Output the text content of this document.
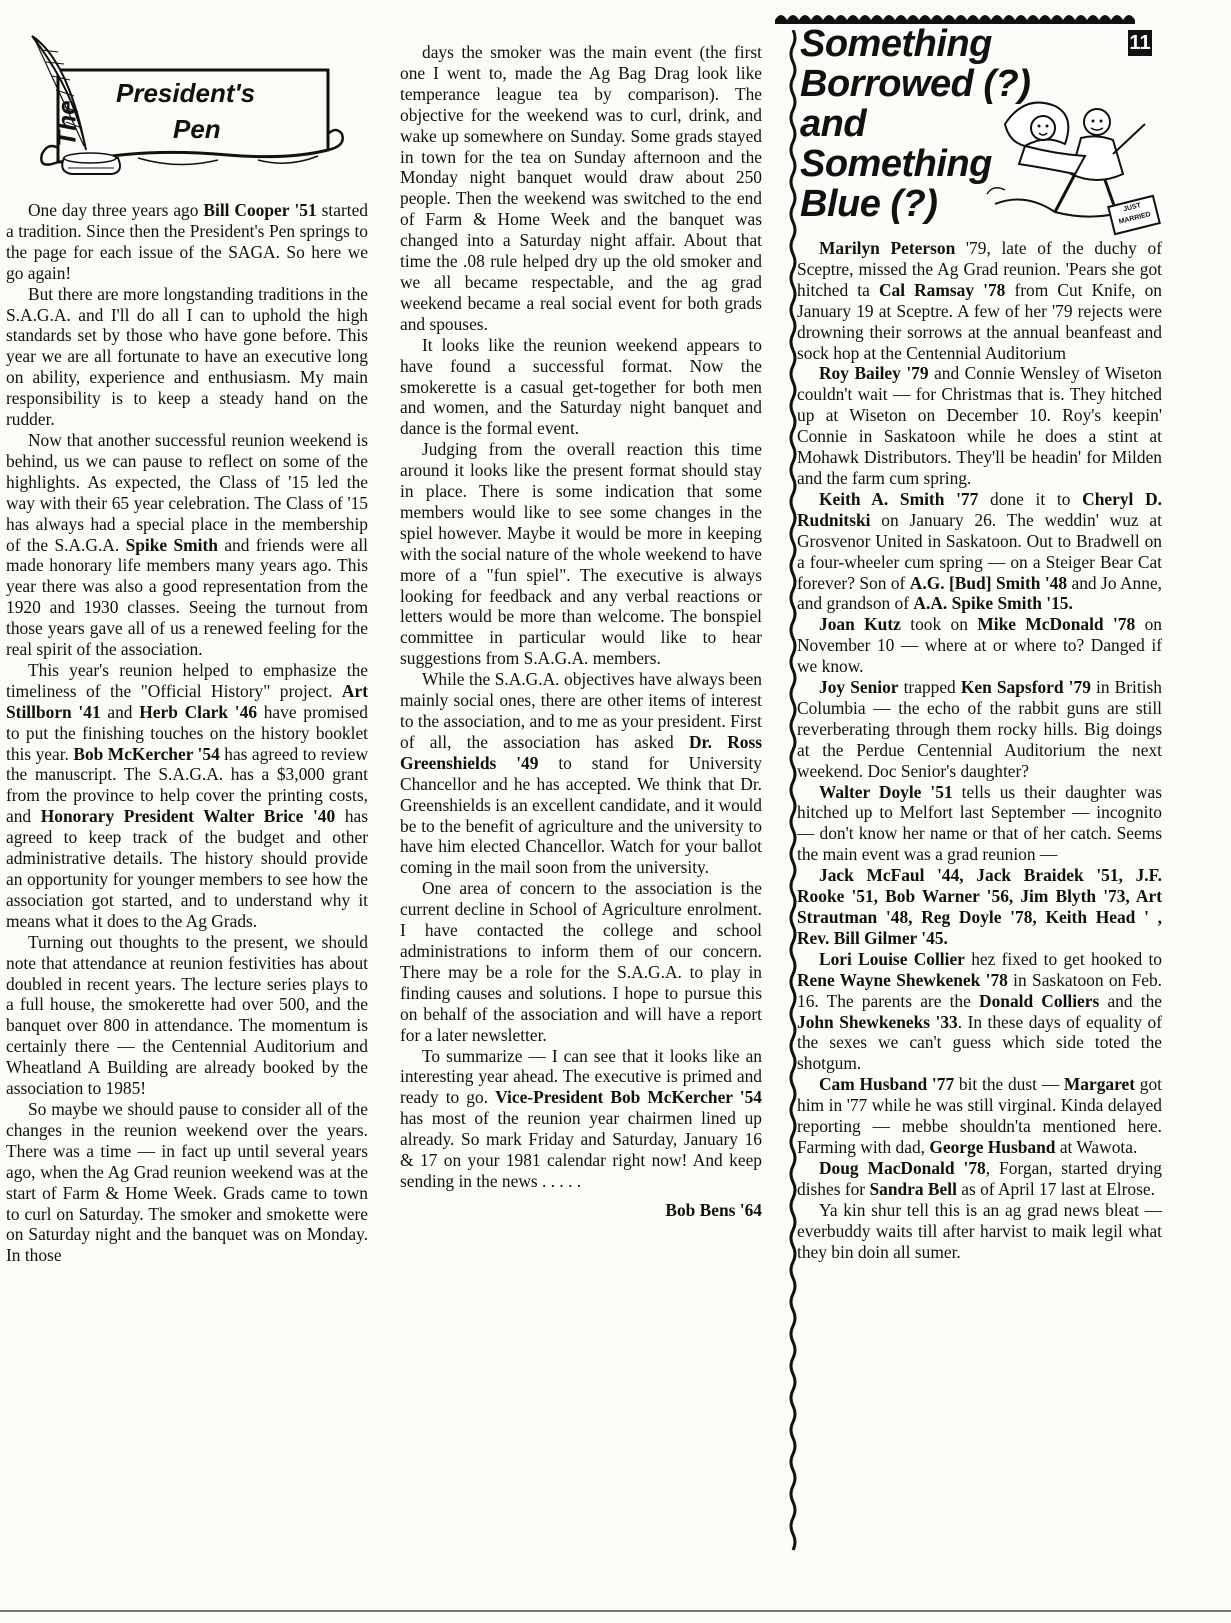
The
President's
Pen

One day three years ago Bill Cooper '51 started a tradition. Since then the President's Pen springs to the page for each issue of the SAGA. So here we go again!

But there are more longstanding traditions in the S.A.G.A. and I'll do all I can to uphold the high standards set by those who have gone before. This year we are all fortunate to have an executive long on ability, experience and enthusiasm. My main responsibility is to keep a steady hand on the rudder.

Now that another successful reunion weekend is behind, us we can pause to reflect on some of the highlights. As expected, the Class of '15 led the way with their 65 year celebration. The Class of '15 has always had a special place in the membership of the S.A.G.A. Spike Smith and friends were all made honorary life members many years ago. This year there was also a good representation from the 1920 and 1930 classes. Seeing the turnout from those years gave all of us a renewed feeling for the real spirit of the association.

This year's reunion helped to emphasize the timeliness of the "Official History" project. Art Stillborn '41 and Herb Clark '46 have promised to put the finishing touches on the history booklet this year. Bob McKercher '54 has agreed to review the manuscript. The S.A.G.A. has a $3,000 grant from the province to help cover the printing costs, and Honorary President Walter Brice '40 has agreed to keep track of the budget and other administrative details. The history should provide an opportunity for younger members to see how the association got started, and to understand why it means what it does to the Ag Grads.

Turning out thoughts to the present, we should note that attendance at reunion festivities has about doubled in recent years. The lecture series plays to a full house, the smokerette had over 500, and the banquet over 800 in attendance. The momentum is certainly there — the Centennial Auditorium and Wheatland A Building are already booked by the association to 1985!

So maybe we should pause to consider all of the changes in the reunion weekend over the years. There was a time — in fact up until several years ago, when the Ag Grad reunion weekend was at the start of Farm & Home Week. Grads came to town to curl on Saturday. The smoker and smokette were on Saturday night and the banquet was on Monday. In those

days the smoker was the main event (the first one I went to, made the Ag Bag Drag look like temperance league tea by comparison). The objective for the weekend was to curl, drink, and wake up somewhere on Sunday. Some grads stayed in town for the tea on Sunday afternoon and the Monday night banquet would draw about 250 people. Then the weekend was switched to the end of Farm & Home Week and the banquet was changed into a Saturday night affair. About that time the .08 rule helped dry up the old smoker and we all became respectable, and the ag grad weekend became a real social event for both grads and spouses.

It looks like the reunion weekend appears to have found a successful format. Now the smokerette is a casual get-together for both men and women, and the Saturday night banquet and dance is the formal event.

Judging from the overall reaction this time around it looks like the present format should stay in place. There is some indication that some members would like to see some changes in the spiel however. Maybe it would be more in keeping with the social nature of the whole weekend to have more of a "fun spiel". The executive is always looking for feedback and any verbal reactions or letters would be more than welcome. The bonspiel committee in particular would like to hear suggestions from S.A.G.A. members.

While the S.A.G.A. objectives have always been mainly social ones, there are other items of interest to the association, and to me as your president. First of all, the association has asked Dr. Ross Greenshields '49 to stand for University Chancellor and he has accepted. We think that Dr. Greenshields is an excellent candidate, and it would be to the benefit of agriculture and the university to have him elected Chancellor. Watch for your ballot coming in the mail soon from the university.

One area of concern to the association is the current decline in School of Agriculture enrolment. I have contacted the college and school administrations to inform them of our concern. There may be a role for the S.A.G.A. to play in finding causes and solutions. I hope to pursue this on behalf of the association and will have a report for a later newsletter.

To summarize — I can see that it looks like an interesting year ahead. The executive is primed and ready to go. Vice-President Bob McKercher '54 has most of the reunion year chairmen lined up already. So mark Friday and Saturday, January 16 & 17 on your 1981 calendar right now! And keep sending in the news . . . . .

Bob Bens '64
11
Something
Borrowed (?)
and
Something
Blue (?)	JUST MARRIED

Marilyn Peterson '79, late of the duchy of Sceptre, missed the Ag Grad reunion. 'Pears she got hitched ta Cal Ramsay '78 from Cut Knife, on January 19 at Sceptre. A few of her '79 rejects were drowning their sorrows at the annual beanfeast and sock hop at the Centennial Auditorium

Roy Bailey '79 and Connie Wensley of Wiseton couldn't wait — for Christmas that is. They hitched up at Wiseton on December 10. Roy's keepin' Connie in Saskatoon while he does a stint at Mohawk Distributors. They'll be headin' for Milden and the farm cum spring.

Keith A. Smith '77 done it to Cheryl D. Rudnitski on January 26. The weddin' wuz at Grosvenor United in Saskatoon. Out to Bradwell on a four-wheeler cum spring — on a Steiger Bear Cat forever? Son of A.G. [Bud] Smith '48 and Jo Anne, and grandson of A.A. Spike Smith '15.

Joan Kutz took on Mike McDonald '78 on November 10 — where at or where to? Danged if we know.

Joy Senior trapped Ken Sapsford '79 in British Columbia — the echo of the rabbit guns are still reverberating through them rocky hills. Big doings at the Perdue Centennial Auditorium the next weekend. Doc Senior's daughter?

Walter Doyle '51 tells us their daughter was hitched up to Melfort last September — incognito — don't know her name or that of her catch. Seems the main event was a grad reunion —

Jack McFaul '44, Jack Braidek '51, J.F. Rooke '51, Bob Warner '56, Jim Blyth '73, Art Strautman '48, Reg Doyle '78, Keith Head ' , Rev. Bill Gilmer '45.

Lori Louise Collier hez fixed to get hooked to Rene Wayne Shewkenek '78 in Saskatoon on Feb. 16. The parents are the Donald Colliers and the John Shewkeneks '33. In these days of equality of the sexes we can't guess which side toted the shotgum.

Cam Husband '77 bit the dust — Margaret got him in '77 while he was still virginal. Kinda delayed reporting — mebbe shouldn'ta mentioned here. Farming with dad, George Husband at Wawota.

Doug MacDonald '78, Forgan, started drying dishes for Sandra Bell as of April 17 last at Elrose.

Ya kin shur tell this is an ag grad news bleat — everbuddy waits till after harvist to maik legil what they bin doin all sumer.
